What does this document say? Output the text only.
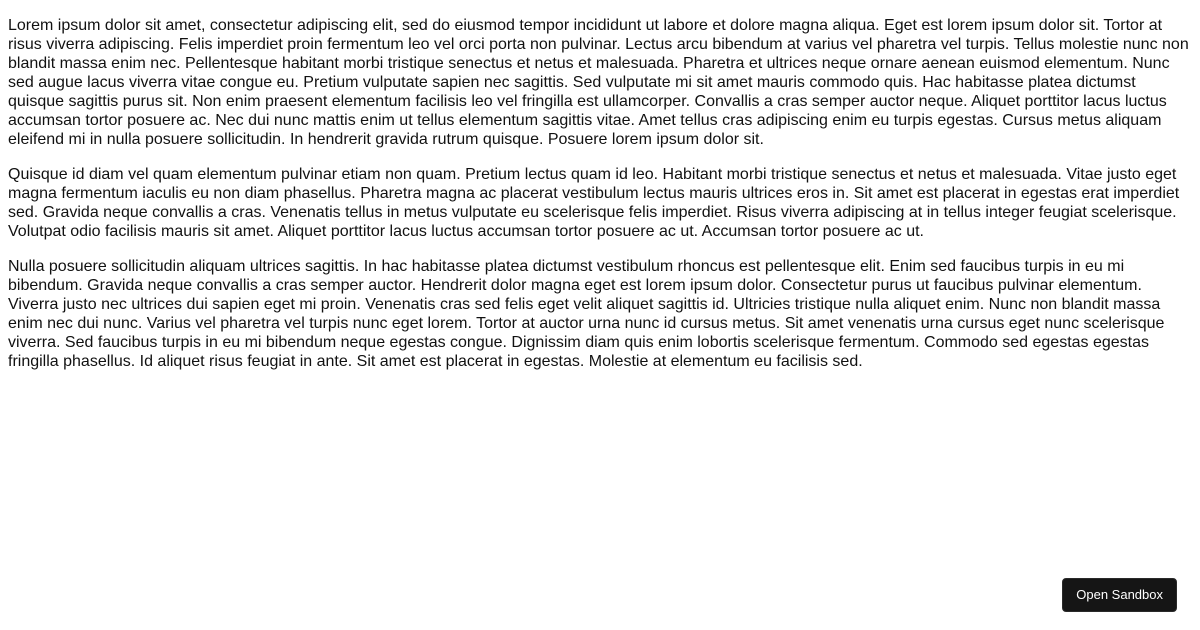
Lorem ipsum dolor sit amet, consectetur adipiscing elit, sed do eiusmod tempor incididunt ut labore et dolore magna aliqua. Eget est lorem ipsum dolor sit. Tortor at risus viverra adipiscing. Felis imperdiet proin fermentum leo vel orci porta non pulvinar. Lectus arcu bibendum at varius vel pharetra vel turpis. Tellus molestie nunc non blandit massa enim nec. Pellentesque habitant morbi tristique senectus et netus et malesuada. Pharetra et ultrices neque ornare aenean euismod elementum. Nunc sed augue lacus viverra vitae congue eu. Pretium vulputate sapien nec sagittis. Sed vulputate mi sit amet mauris commodo quis. Hac habitasse platea dictumst quisque sagittis purus sit. Non enim praesent elementum facilisis leo vel fringilla est ullamcorper. Convallis a cras semper auctor neque. Aliquet porttitor lacus luctus accumsan tortor posuere ac. Nec dui nunc mattis enim ut tellus elementum sagittis vitae. Amet tellus cras adipiscing enim eu turpis egestas. Cursus metus aliquam eleifend mi in nulla posuere sollicitudin. In hendrerit gravida rutrum quisque. Posuere lorem ipsum dolor sit.

Quisque id diam vel quam elementum pulvinar etiam non quam. Pretium lectus quam id leo. Habitant morbi tristique senectus et netus et malesuada. Vitae justo eget magna fermentum iaculis eu non diam phasellus. Pharetra magna ac placerat vestibulum lectus mauris ultrices eros in. Sit amet est placerat in egestas erat imperdiet sed. Gravida neque convallis a cras. Venenatis tellus in metus vulputate eu scelerisque felis imperdiet. Risus viverra adipiscing at in tellus integer feugiat scelerisque. Volutpat odio facilisis mauris sit amet. Aliquet porttitor lacus luctus accumsan tortor posuere ac ut. Accumsan tortor posuere ac ut.

Nulla posuere sollicitudin aliquam ultrices sagittis. In hac habitasse platea dictumst vestibulum rhoncus est pellentesque elit. Enim sed faucibus turpis in eu mi bibendum. Gravida neque convallis a cras semper auctor. Hendrerit dolor magna eget est lorem ipsum dolor. Consectetur purus ut faucibus pulvinar elementum. Viverra justo nec ultrices dui sapien eget mi proin. Venenatis cras sed felis eget velit aliquet sagittis id. Ultricies tristique nulla aliquet enim. Nunc non blandit massa enim nec dui nunc. Varius vel pharetra vel turpis nunc eget lorem. Tortor at auctor urna nunc id cursus metus. Sit amet venenatis urna cursus eget nunc scelerisque viverra. Sed faucibus turpis in eu mi bibendum neque egestas congue. Dignissim diam quis enim lobortis scelerisque fermentum. Commodo sed egestas egestas fringilla phasellus. Id aliquet risus feugiat in ante. Sit amet est placerat in egestas. Molestie at elementum eu facilisis sed.

Open Sandbox
